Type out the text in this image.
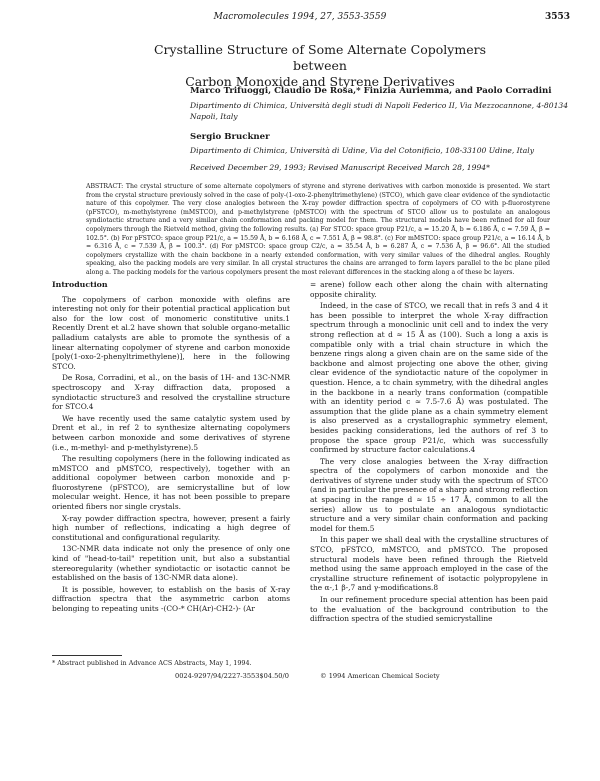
Macromolecules 1994, 27, 3553-3559	3553
Crystalline Structure of Some Alternate Copolymers between
Carbon Monoxide and Styrene Derivatives
Marco Trifuoggi, Claudio De Rosa,* Finizia Auriemma, and Paolo Corradini
Dipartimento di Chimica, Università degli studi di Napoli Federico II, Via Mezzocannone, 4-80134 Napoli, Italy
Sergio Bruckner
Dipartimento di Chimica, Università di Udine, Via del Cotonificio, 108-33100 Udine, Italy
Received December 29, 1993; Revised Manuscript Received March 28, 1994*
ABSTRACT: The crystal structure of some alternate copolymers of styrene and styrene derivatives with carbon monoxide is presented. We start from the crystal structure previously solved in the case of poly-(1-oxo-2-phenyltrimethylene) (STCO), which gave clear evidence of the syndiotactic nature of this copolymer. The very close analogies between the X-ray powder diffraction spectra of copolymers of CO with p-fluorostyrene (pFSTCO), m-methylstyrene (mMSTCO), and p-methylstyrene (pMSTCO) with the spectrum of STCO allow us to postulate an analogous syndiotactic structure and a very similar chain conformation and packing model for them. The structural models have been refined for all four copolymers through the Rietveld method, giving the following results. (a) For STCO: space group P21/c, a = 15.20 Å, b = 6.186 Å, c = 7.59 Å, β = 102.5°. (b) For pFSTCO: space group P21/c, a = 15.59 Å, b = 6.168 Å, c = 7.551 Å, β = 98.8°. (c) For mMSTCO: space group P21/c, a = 16.14 Å, b = 6.316 Å, c = 7.539 Å, β = 100.3°. (d) For pMSTCO: space group C2/c, a = 35.54 Å, b = 6.287 Å, c = 7.536 Å, β = 96.6°. All the studied copolymers crystallize with the chain backbone in a nearly extended conformation, with very similar values of the dihedral angles. Roughly speaking, also the packing models are very similar. In all crystal structures the chains are arranged to form layers parallel to the bc plane piled along a. The packing models for the various copolymers present the most relevant differences in the stacking along a of these bc layers.
Introduction

The copolymers of carbon monoxide with olefins are interesting not only for their potential practical application but also for the low cost of monomeric constitutive units.1 Recently Drent et al.2 have shown that soluble organo-metallic palladium catalysts are able to promote the synthesis of a linear alternating copolymer of styrene and carbon monoxide [poly(1-oxo-2-phenyltrimethylene)], here in the following STCO.

De Rosa, Corradini, et al., on the basis of 1H- and 13C-NMR spectroscopy and X-ray diffraction data, proposed a syndiotactic structure3 and resolved the crystalline structure for STCO.4

We have recently used the same catalytic system used by Drent et al., in ref 2 to synthesize alternating copolymers between carbon monoxide and some derivatives of styrene (i.e., m-methyl- and p-methylstyrene).5

The resulting copolymers (here in the following indicated as mMSTCO and pMSTCO, respectively), together with an additional copolymer between carbon monoxide and p-fluorostyrene (pFSTCO), are semicrystalline but of low molecular weight. Hence, it has not been possible to prepare oriented fibers nor single crystals.

X-ray powder diffraction spectra, however, present a fairly high number of reflections, indicating a high degree of constitutional and configurational regularity.

13C-NMR data indicate not only the presence of only one kind of "head-to-tail" repetition unit, but also a substantial stereoregularity (whether syndiotactic or isotactic cannot be established on the basis of 13C-NMR data alone).

It is possible, however, to establish on the basis of X-ray diffraction spectra that the asymmetric carbon atoms belonging to repeating units -(CO-* CH(Ar)-CH2-)- (Ar

* Abstract published in Advance ACS Abstracts, May 1, 1994.

= arene) follow each other along the chain with alternating opposite chirality.

Indeed, in the case of STCO, we recall that in refs 3 and 4 it has been possible to interpret the whole X-ray diffraction spectrum through a monoclinic unit cell and to index the very strong reflection at d ≈ 15 Å as (100). Such a long a axis is compatible only with a trial chain structure in which the benzene rings along a given chain are on the same side of the backbone and almost projecting one above the other, giving clear evidence of the syndiotactic nature of the copolymer in question. Hence, a tc chain symmetry, with the dihedral angles in the backbone in a nearly trans conformation (compatible with an identity period c ≈ 7.5-7.6 Å) was postulated. The assumption that the glide plane as a chain symmetry element is also preserved as a crystallographic symmetry element, besides packing considerations, led the authors of ref 3 to propose the space group P21/c, which was successfully confirmed by structure factor calculations.4

The very close analogies between the X-ray diffraction spectra of the copolymers of carbon monoxide and the derivatives of styrene under study with the spectrum of STCO (and in particular the presence of a sharp and strong reflection at spacing in the range d ≈ 15 ÷ 17 Å, common to all the series) allow us to postulate an analogous syndiotactic structure and a very similar chain conformation and packing model for them.5

In this paper we shall deal with the crystalline structures of STCO, pFSTCO, mMSTCO, and pMSTCO. The proposed structural models have been refined through the Rietveld method using the same approach employed in the case of the crystalline structure refinement of isotactic polypropylene in the α-,1 β-,7 and γ-modifications.8

In our refinement procedure special attention has been paid to the evaluation of the background contribution to the diffraction spectra of the studied semicrystalline

0024-9297/94/2227-3553$04.50/0	© 1994 American Chemical Society
